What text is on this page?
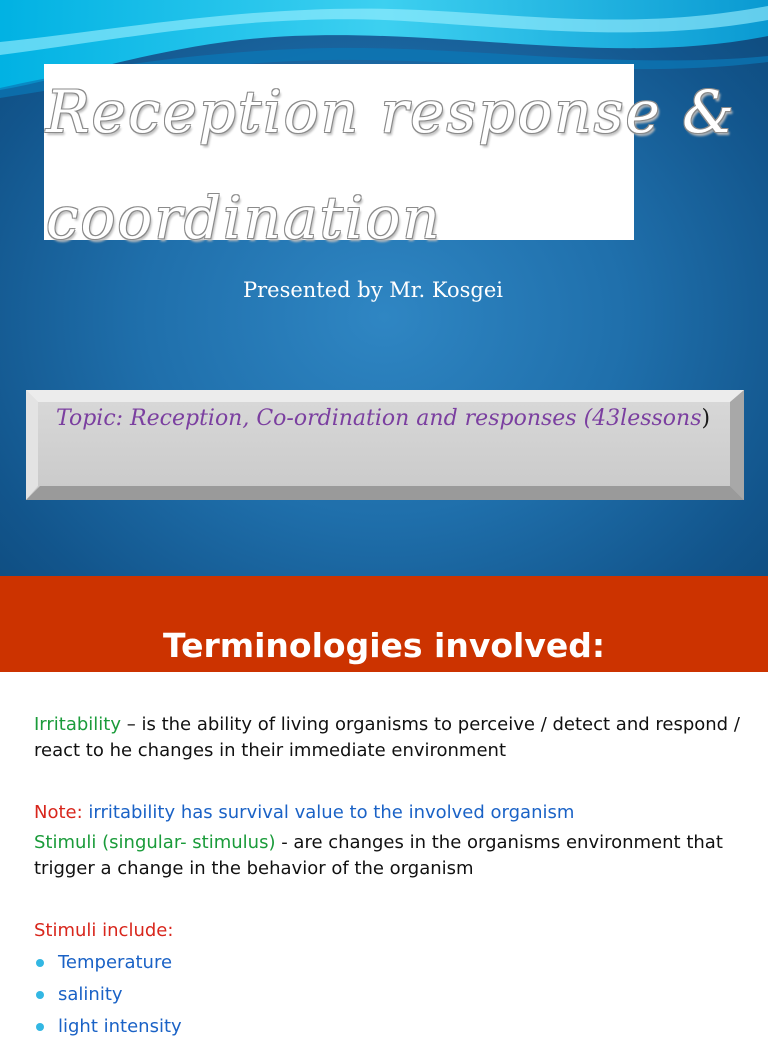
Reception response &

coordination

Presented by Mr. Kosgei

Topic: Reception, Co-ordination and responses (43lessons)

Terminologies involved:

Irritability – is the ability of living organisms to perceive / detect and respond / react to he changes in their immediate environment

Note: irritability has survival value to the involved organism

Stimuli (singular- stimulus) - are changes in the organisms environment that trigger a change in the behavior of the organism

Stimuli include:

Temperature
salinity
light intensity
